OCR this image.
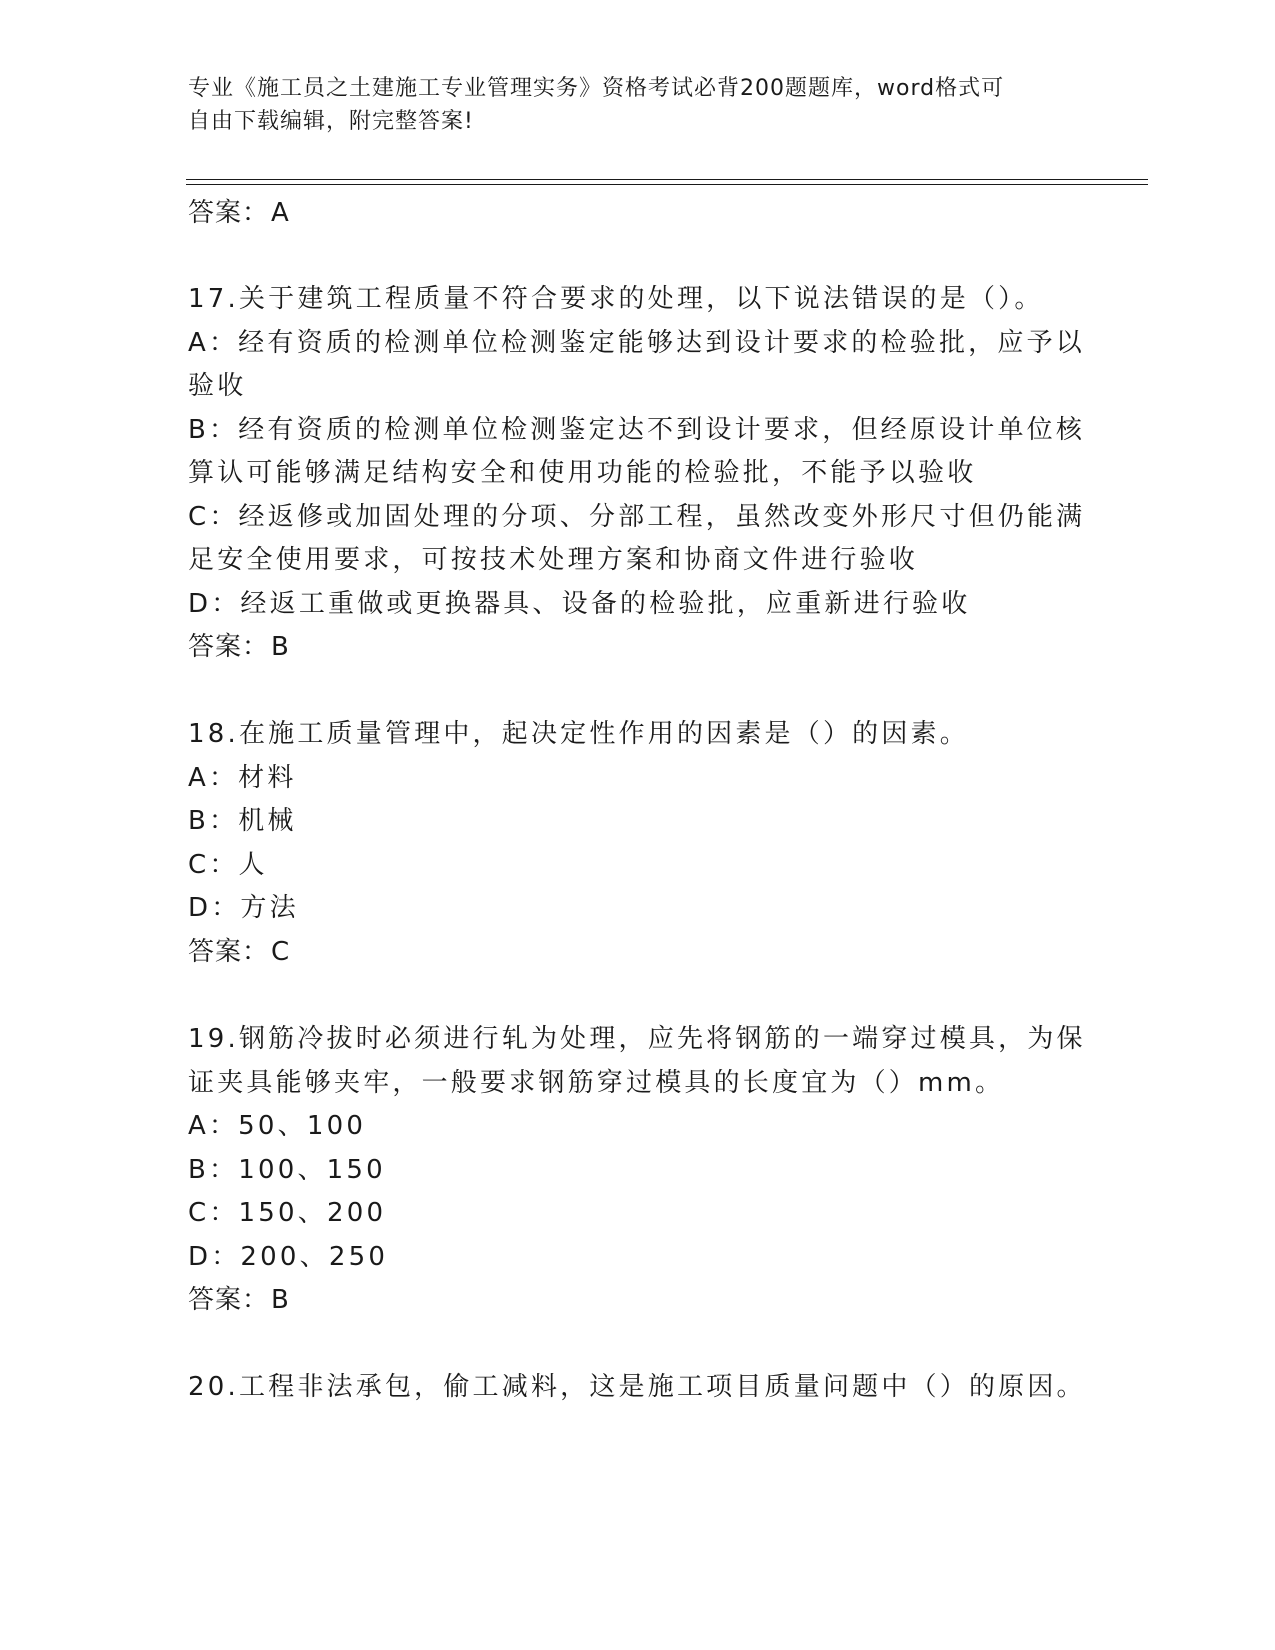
专业《施工员之土建施工专业管理实务》资格考试必背200题题库，word格式可
自由下载编辑，附完整答案!
答案：A
17.关于建筑工程质量不符合要求的处理，以下说法错误的是（）。
A：经有资质的检测单位检测鉴定能够达到设计要求的检验批，应予以
验收
B：经有资质的检测单位检测鉴定达不到设计要求，但经原设计单位核
算认可能够满足结构安全和使用功能的检验批，不能予以验收
C：经返修或加固处理的分项、分部工程，虽然改变外形尺寸但仍能满
足安全使用要求，可按技术处理方案和协商文件进行验收
D：经返工重做或更换器具、设备的检验批，应重新进行验收
答案：B
18.在施工质量管理中，起决定性作用的因素是（）的因素。
A：材料
B：机械
C：人
D：方法
答案：C
19.钢筋冷拔时必须进行轧为处理，应先将钢筋的一端穿过模具，为保
证夹具能够夹牢，一般要求钢筋穿过模具的长度宜为（）mm。
A：50、100
B：100、150
C：150、200
D：200、250
答案：B
20.工程非法承包，偷工减料，这是施工项目质量问题中（）的原因。
